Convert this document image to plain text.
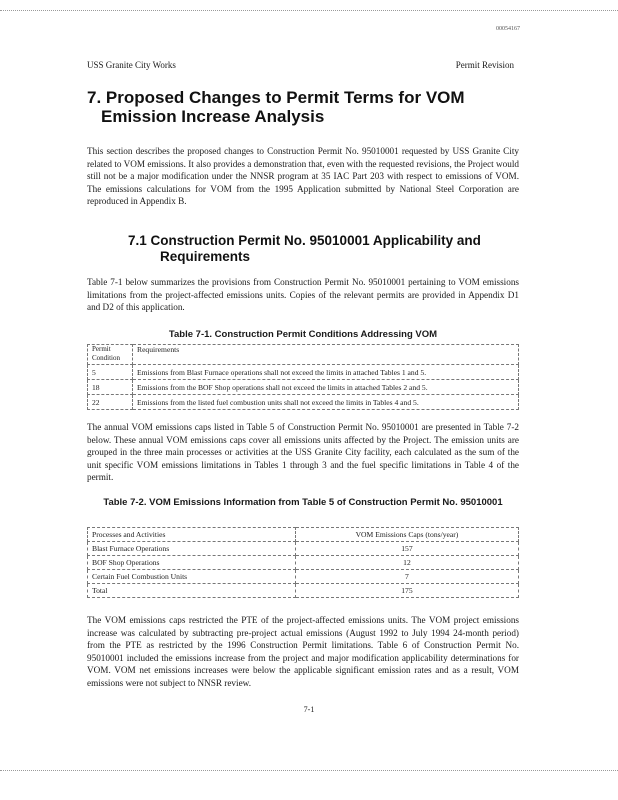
00054167
USS Granite City Works	Permit Revision
7. Proposed Changes to Permit Terms for VOM Emission Increase Analysis

This section describes the proposed changes to Construction Permit No. 95010001 requested by USS Granite City related to VOM emissions. It also provides a demonstration that, even with the requested revisions, the Project would still not be a major modification under the NNSR program at 35 IAC Part 203 with respect to emissions of VOM. The emissions calculations for VOM from the 1995 Application submitted by National Steel Corporation are reproduced in Appendix B.

7.1 Construction Permit No. 95010001 Applicability and Requirements

Table 7-1 below summarizes the provisions from Construction Permit No. 95010001 pertaining to VOM emissions limitations from the project-affected emissions units. Copies of the relevant permits are provided in Appendix D1 and D2 of this application.

Table 7-1. Construction Permit Conditions Addressing VOM
Permit Condition	Requirements
5	Emissions from Blast Furnace operations shall not exceed the limits in attached Tables 1 and 5.
18	Emissions from the BOF Shop operations shall not exceed the limits in attached Tables 2 and 5.
22	Emissions from the listed fuel combustion units shall not exceed the limits in Tables 4 and 5.

The annual VOM emissions caps listed in Table 5 of Construction Permit No. 95010001 are presented in Table 7-2 below. These annual VOM emissions caps cover all emissions units affected by the Project. The emission units are grouped in the three main processes or activities at the USS Granite City facility, each calculated as the sum of the unit specific VOM emissions limitations in Tables 1 through 3 and the fuel specific limitations in Table 4 of the permit.

Table 7-2. VOM Emissions Information from Table 5 of Construction Permit No. 95010001
Processes and Activities	VOM Emissions Caps (tons/year)
Blast Furnace Operations	157
BOF Shop Operations	12
Certain Fuel Combustion Units	7
Total	175

The VOM emissions caps restricted the PTE of the project-affected emissions units. The VOM project emissions increase was calculated by subtracting pre-project actual emissions (August 1992 to July 1994 24-month period) from the PTE as restricted by the 1996 Construction Permit limitations. Table 6 of Construction Permit No. 95010001 included the emissions increase from the project and major modification applicability determinations for VOM. VOM net emissions increases were below the applicable significant emission rates and as a result, VOM emissions were not subject to NNSR review.

7-1
